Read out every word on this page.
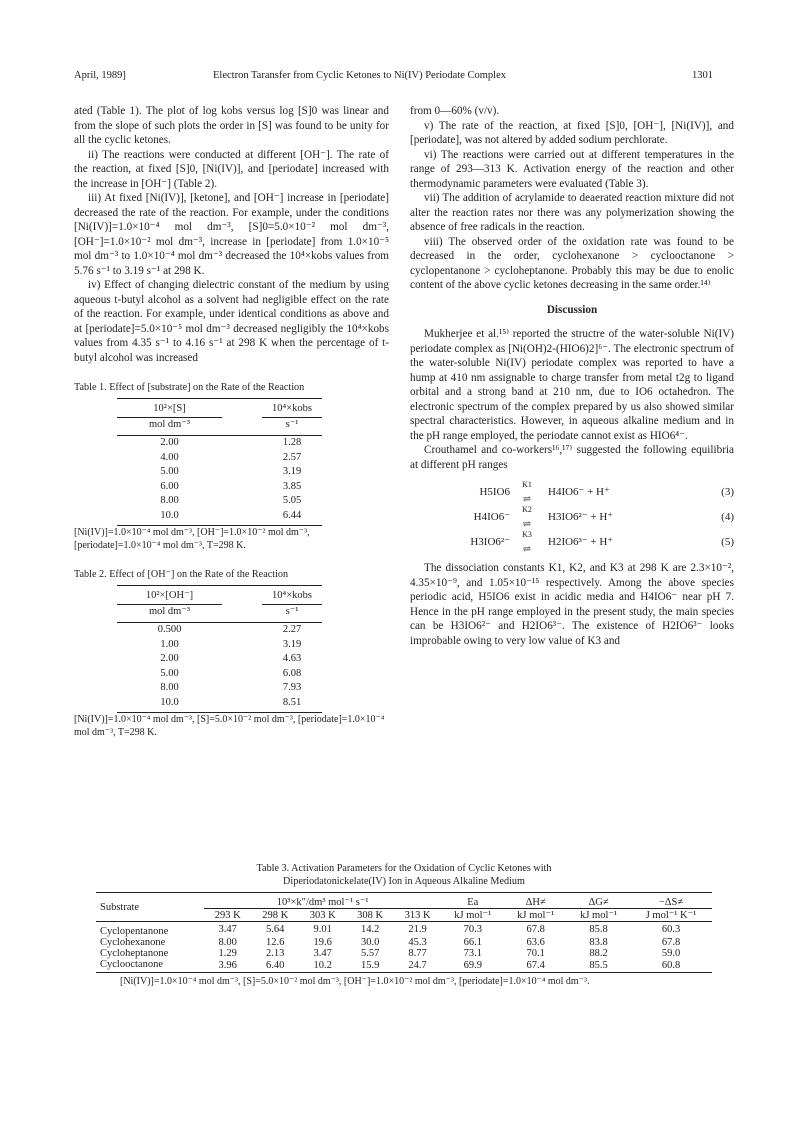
April, 1989]	Electron Taransfer from Cyclic Ketones to Ni(IV) Periodate Complex	1301

ated (Table 1). The plot of log kobs versus log [S]0 was linear and from the slope of such plots the order in [S] was found to be unity for all the cyclic ketones.

ii) The reactions were conducted at different [OH⁻]. The rate of the reaction, at fixed [S]0, [Ni(IV)], and [periodate] increased with the increase in [OH⁻] (Table 2).

iii) At fixed [Ni(IV)], [ketone], and [OH⁻] increase in [periodate] decreased the rate of the reaction. For example, under the conditions [Ni(IV)]=1.0×10⁻⁴ mol dm⁻³, [S]0=5.0×10⁻² mol dm⁻³, [OH⁻]=1.0×10⁻² mol dm⁻³, increase in [periodate] from 1.0×10⁻⁵ mol dm⁻³ to 1.0×10⁻⁴ mol dm⁻³ decreased the 10⁴×kobs values from 5.76 s⁻¹ to 3.19 s⁻¹ at 298 K.

iv) Effect of changing dielectric constant of the medium by using aqueous t-butyl alcohol as a solvent had negligible effect on the rate of the reaction. For example, under identical conditions as above and at [periodate]=5.0×10⁻⁵ mol dm⁻³ decreased negligibly the 10⁴×kobs values from 4.35 s⁻¹ to 4.16 s⁻¹ at 298 K when the percentage of t-butyl alcohol was increased

Table 1. Effect of [substrate] on the Rate of the Reaction

10²×[S]		10⁴×kobs
mol dm⁻³		s⁻¹

2.00		1.28
4.00		2.57
5.00		3.19
6.00		3.85
8.00		5.05
10.0		6.44

[Ni(IV)]=1.0×10⁻⁴ mol dm⁻³, [OH⁻]=1.0×10⁻² mol dm⁻³, [periodate]=1.0×10⁻⁴ mol dm⁻³, T=298 K.

Table 2. Effect of [OH⁻] on the Rate of the Reaction

10²×[OH⁻]		10⁴×kobs
mol dm⁻³		s⁻¹

0.500		2.27
1.00		3.19
2.00		4.63
5.00		6.08
8.00		7.93
10.0		8.51

[Ni(IV)]=1.0×10⁻⁴ mol dm⁻³, [S]=5.0×10⁻² mol dm⁻³, [periodate]=1.0×10⁻⁴ mol dm⁻³, T=298 K.

from 0—60% (v/v).

v) The rate of the reaction, at fixed [S]0, [OH⁻], [Ni(IV)], and [periodate], was not altered by added sodium perchlorate.

vi) The reactions were carried out at different temperatures in the range of 293—313 K. Activation energy of the reaction and other thermodynamic parameters were evaluated (Table 3).

vii) The addition of acrylamide to deaerated reaction mixture did not alter the reaction rates nor there was any polymerization showing the absence of free radicals in the reaction.

viii) The observed order of the oxidation rate was found to be decreased in the order, cyclohexanone > cyclooctanone > cyclopentanone > cycloheptanone. Probably this may be due to enolic content of the above cyclic ketones decreasing in the same order.¹⁴⁾

Discussion

Mukherjee et al.¹⁵⁾ reported the structre of the water-soluble Ni(IV) periodate complex as [Ni(OH)2-(HIO6)2]⁶⁻. The electronic spectrum of the water-soluble Ni(IV) periodate complex was reported to have a hump at 410 nm assignable to charge transfer from metal t2g to ligand orbital and a strong band at 210 nm, due to IO6 octahedron. The electronic spectrum of the complex prepared by us also showed similar spectral characteristics. However, in aqueous alkaline medium and in the pH range employed, the periodate cannot exist as HIO6⁴⁻.

Crouthamel and co-workers¹⁶,¹⁷⁾ suggested the following equilibria at different pH ranges

H5IO6
K1
⇌
H4IO6⁻ + H⁺	(3)
H4IO6⁻
K2
⇌
H3IO6²⁻ + H⁺	(4)
H3IO6²⁻
K3
⇌
H2IO6³⁻ + H⁺	(5)

The dissociation constants K1, K2, and K3 at 298 K are 2.3×10⁻², 4.35×10⁻⁹, and 1.05×10⁻¹⁵ respectively. Among the above species periodic acid, H5IO6 exist in acidic media and H4IO6⁻ near pH 7. Hence in the pH range employed in the present study, the main species can be H3IO6²⁻ and H2IO6³⁻. The existence of H2IO6³⁻ looks improbable owing to very low value of K3 and

Table 3. Activation Parameters for the Oxidation of Cyclic Ketones with

Diperiodatonickelate(IV) Ion in Aqueous Alkaline Medium

Substrate	10³×k″/dm³ mol⁻¹ s⁻¹					Ea	ΔH≠	ΔG≠	−ΔS≠
	293 K	298 K	303 K	308 K	313 K	kJ mol⁻¹	kJ mol⁻¹	kJ mol⁻¹	J mol⁻¹ K⁻¹
Cyclopentanone	3.47	5.64	9.01	14.2	21.9	70.3	67.8	85.8	60.3
Cyclohexanone	8.00	12.6	19.6	30.0	45.3	66.1	63.6	83.8	67.8
Cycloheptanone	1.29	2.13	3.47	5.57	8.77	73.1	70.1	88.2	59.0
Cyclooctanone	3.96	6.40	10.2	15.9	24.7	69.9	67.4	85.5	60.8

[Ni(IV)]=1.0×10⁻⁴ mol dm⁻³, [S]=5.0×10⁻² mol dm⁻³, [OH⁻]=1.0×10⁻² mol dm⁻³, [periodate]=1.0×10⁻⁴ mol dm⁻³.
